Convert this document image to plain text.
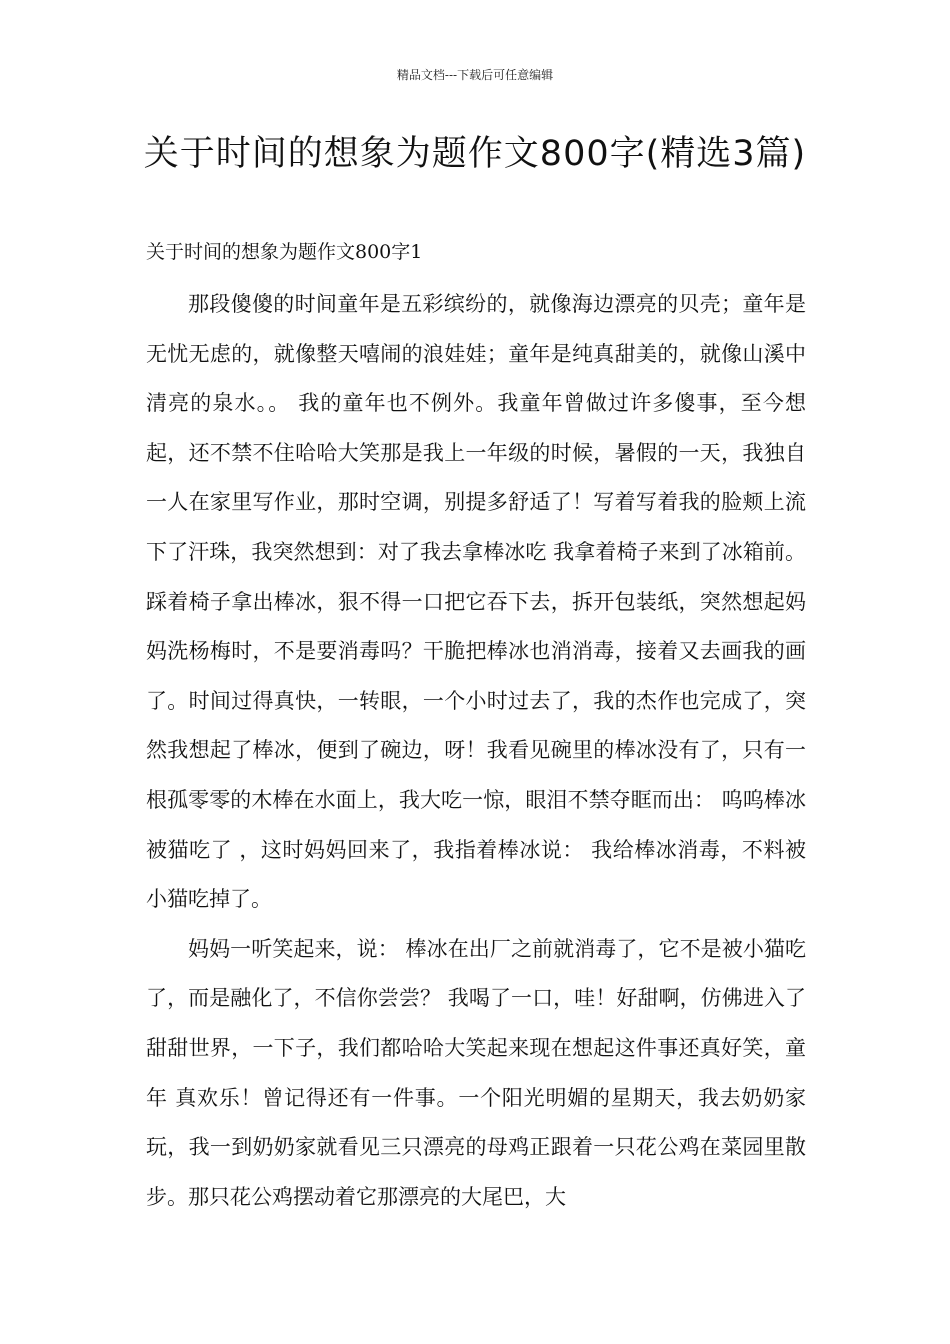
精品文档---下载后可任意编辑
关于时间的想象为题作文800字(精选3篇)
关于时间的想象为题作文800字1

那段傻傻的时间童年是五彩缤纷的，就像海边漂亮的贝壳；童年是无忧无虑的，就像整天嘻闹的浪娃娃；童年是纯真甜美的，就像山溪中清亮的泉水。。 我的童年也不例外。我童年曾做过许多傻事，至今想起，还不禁不住哈哈大笑那是我上一年级的时候，暑假的一天，我独自一人在家里写作业，那时空调，别提多舒适了！写着写着我的脸颊上流下了汗珠，我突然想到：对了我去拿棒冰吃 我拿着椅子来到了冰箱前。踩着椅子拿出棒冰，狠不得一口把它吞下去，拆开包装纸，突然想起妈妈洗杨梅时，不是要消毒吗？干脆把棒冰也消消毒，接着又去画我的画了。时间过得真快，一转眼，一个小时过去了，我的杰作也完成了，突然我想起了棒冰，便到了碗边，呀！我看见碗里的棒冰没有了，只有一根孤零零的木棒在水面上，我大吃一惊，眼泪不禁夺眶而出： 呜呜棒冰被猫吃了 ，这时妈妈回来了，我指着棒冰说： 我给棒冰消毒，不料被小猫吃掉了。

妈妈一听笑起来，说： 棒冰在出厂之前就消毒了，它不是被小猫吃了，而是融化了，不信你尝尝？ 我喝了一口，哇！好甜啊，仿佛进入了甜甜世界，一下子，我们都哈哈大笑起来现在想起这件事还真好笑，童年 真欢乐！曾记得还有一件事。一个阳光明媚的星期天，我去奶奶家玩，我一到奶奶家就看见三只漂亮的母鸡正跟着一只花公鸡在菜园里散步。那只花公鸡摆动着它那漂亮的大尾巴，大
